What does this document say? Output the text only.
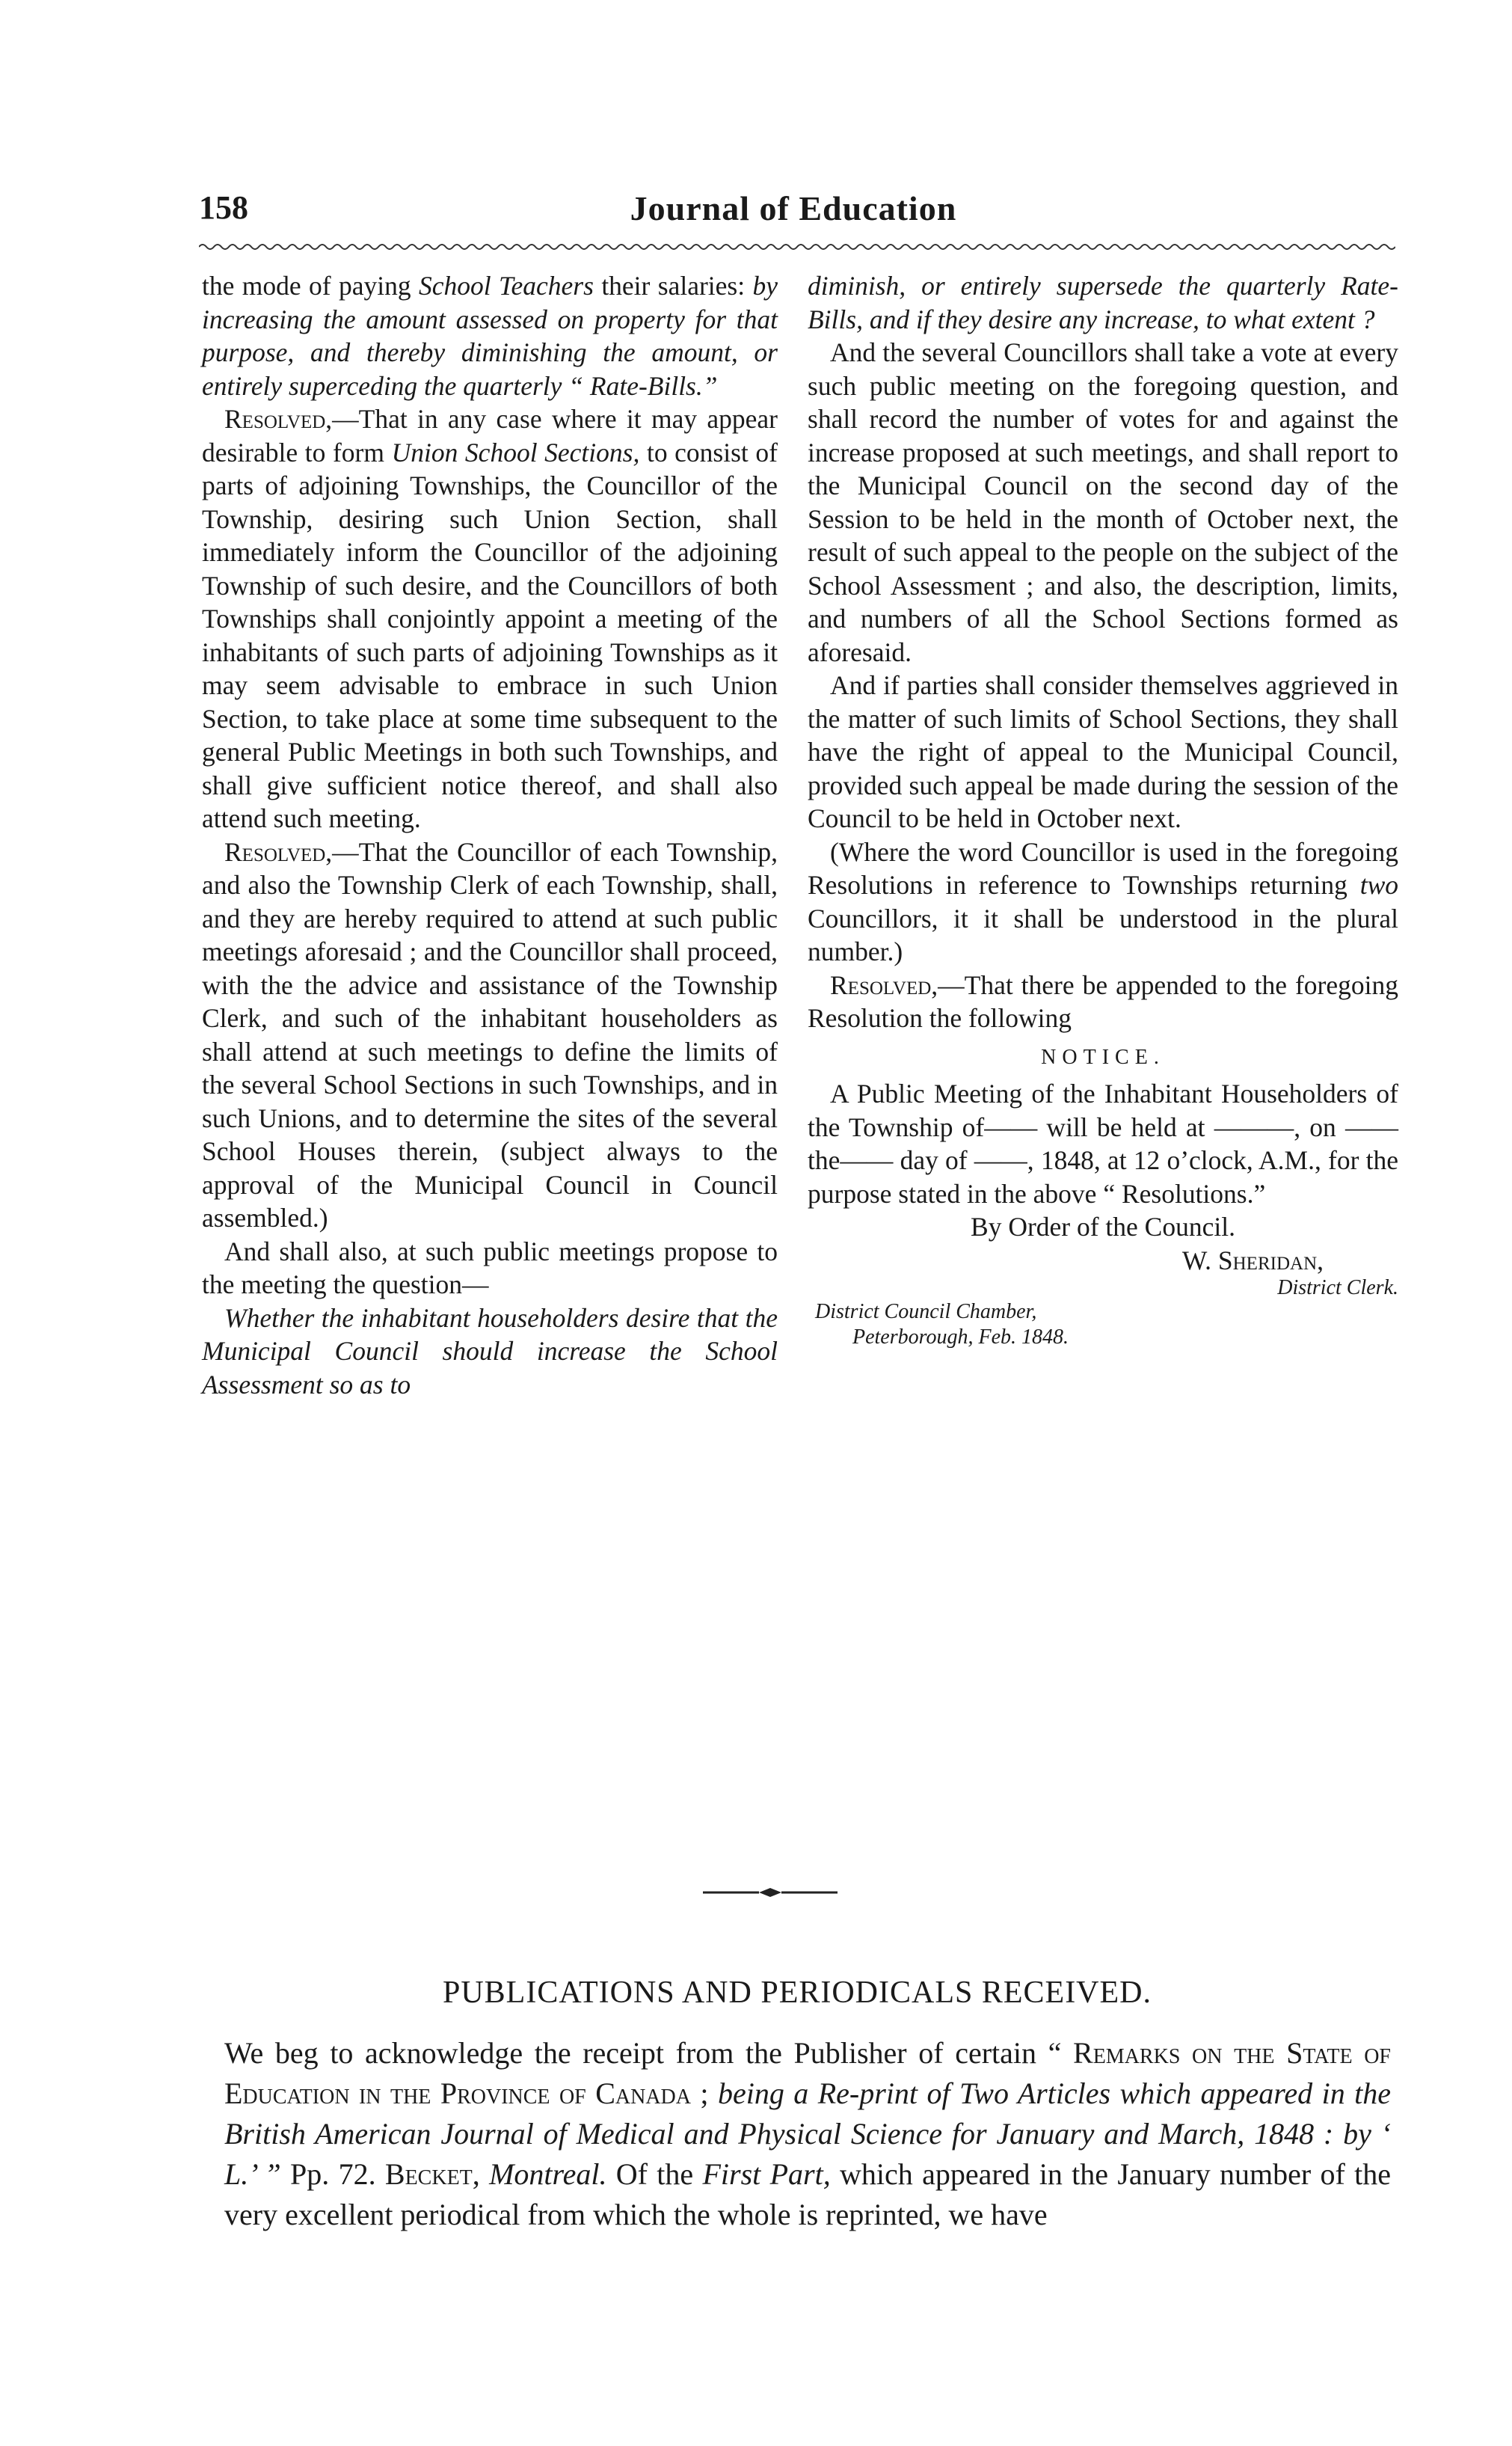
158	Journal of Education

the mode of paying School Teachers their salaries: by increasing the amount assessed on property for that purpose, and thereby diminishing the amount, or entirely superceding the quarterly “ Rate-Bills.”

Resolved,—That in any case where it may appear desirable to form Union School Sections, to consist of parts of adjoining Townships, the Councillor of the Township, desiring such Union Section, shall immediately inform the Councillor of the adjoining Township of such desire, and the Councillors of both Townships shall conjointly appoint a meeting of the inhabitants of such parts of adjoining Townships as it may seem advisable to embrace in such Union Section, to take place at some time subsequent to the general Public Meetings in both such Townships, and shall give sufficient notice thereof, and shall also attend such meeting.

Resolved,—That the Councillor of each Township, and also the Township Clerk of each Township, shall, and they are hereby required to attend at such public meetings aforesaid ; and the Councillor shall proceed, with the the advice and assistance of the Township Clerk, and such of the inhabitant householders as shall attend at such meetings to define the limits of the several School Sections in such Townships, and in such Unions, and to determine the sites of the several School Houses therein, (subject always to the approval of the Municipal Council in Council assembled.)

And shall also, at such public meetings propose to the meeting the question—

Whether the inhabitant householders desire that the Municipal Council should increase the School Assessment so as to

diminish, or entirely supersede the quarterly Rate-Bills, and if they desire any increase, to what extent ?

And the several Councillors shall take a vote at every such public meeting on the foregoing question, and shall record the number of votes for and against the increase proposed at such meetings, and shall report to the Municipal Council on the second day of the Session to be held in the month of October next, the result of such appeal to the people on the subject of the School Assessment ; and also, the description, limits, and numbers of all the School Sections formed as aforesaid.

And if parties shall consider themselves aggrieved in the matter of such limits of School Sections, they shall have the right of appeal to the Municipal Council, provided such appeal be made during the session of the Council to be held in October next.

(Where the word Councillor is used in the foregoing Resolutions in reference to Townships returning two Councillors, it it shall be understood in the plural number.)

Resolved,—That there be appended to the foregoing Resolution the following

NOTICE.

A Public Meeting of the Inhabitant Householders of the Township of—— will be held at ———, on —— the—— day of ——, 1848, at 12 o’clock, A.M., for the purpose stated in the above “ Resolutions.”

By Order of the Council.

W. Sheridan,

District Clerk.

District Council Chamber,

Peterborough, Feb. 1848.

PUBLICATIONS AND PERIODICALS RECEIVED.

We beg to acknowledge the receipt from the Publisher of certain “ Remarks on the State of Education in the Province of Canada ; being a Re-print of Two Articles which appeared in the British American Journal of Medical and Physical Science for January and March, 1848 : by ‘ L.’ ” Pp. 72. Becket, Montreal. Of the First Part, which appeared in the January number of the very excellent periodical from which the whole is reprinted, we have
